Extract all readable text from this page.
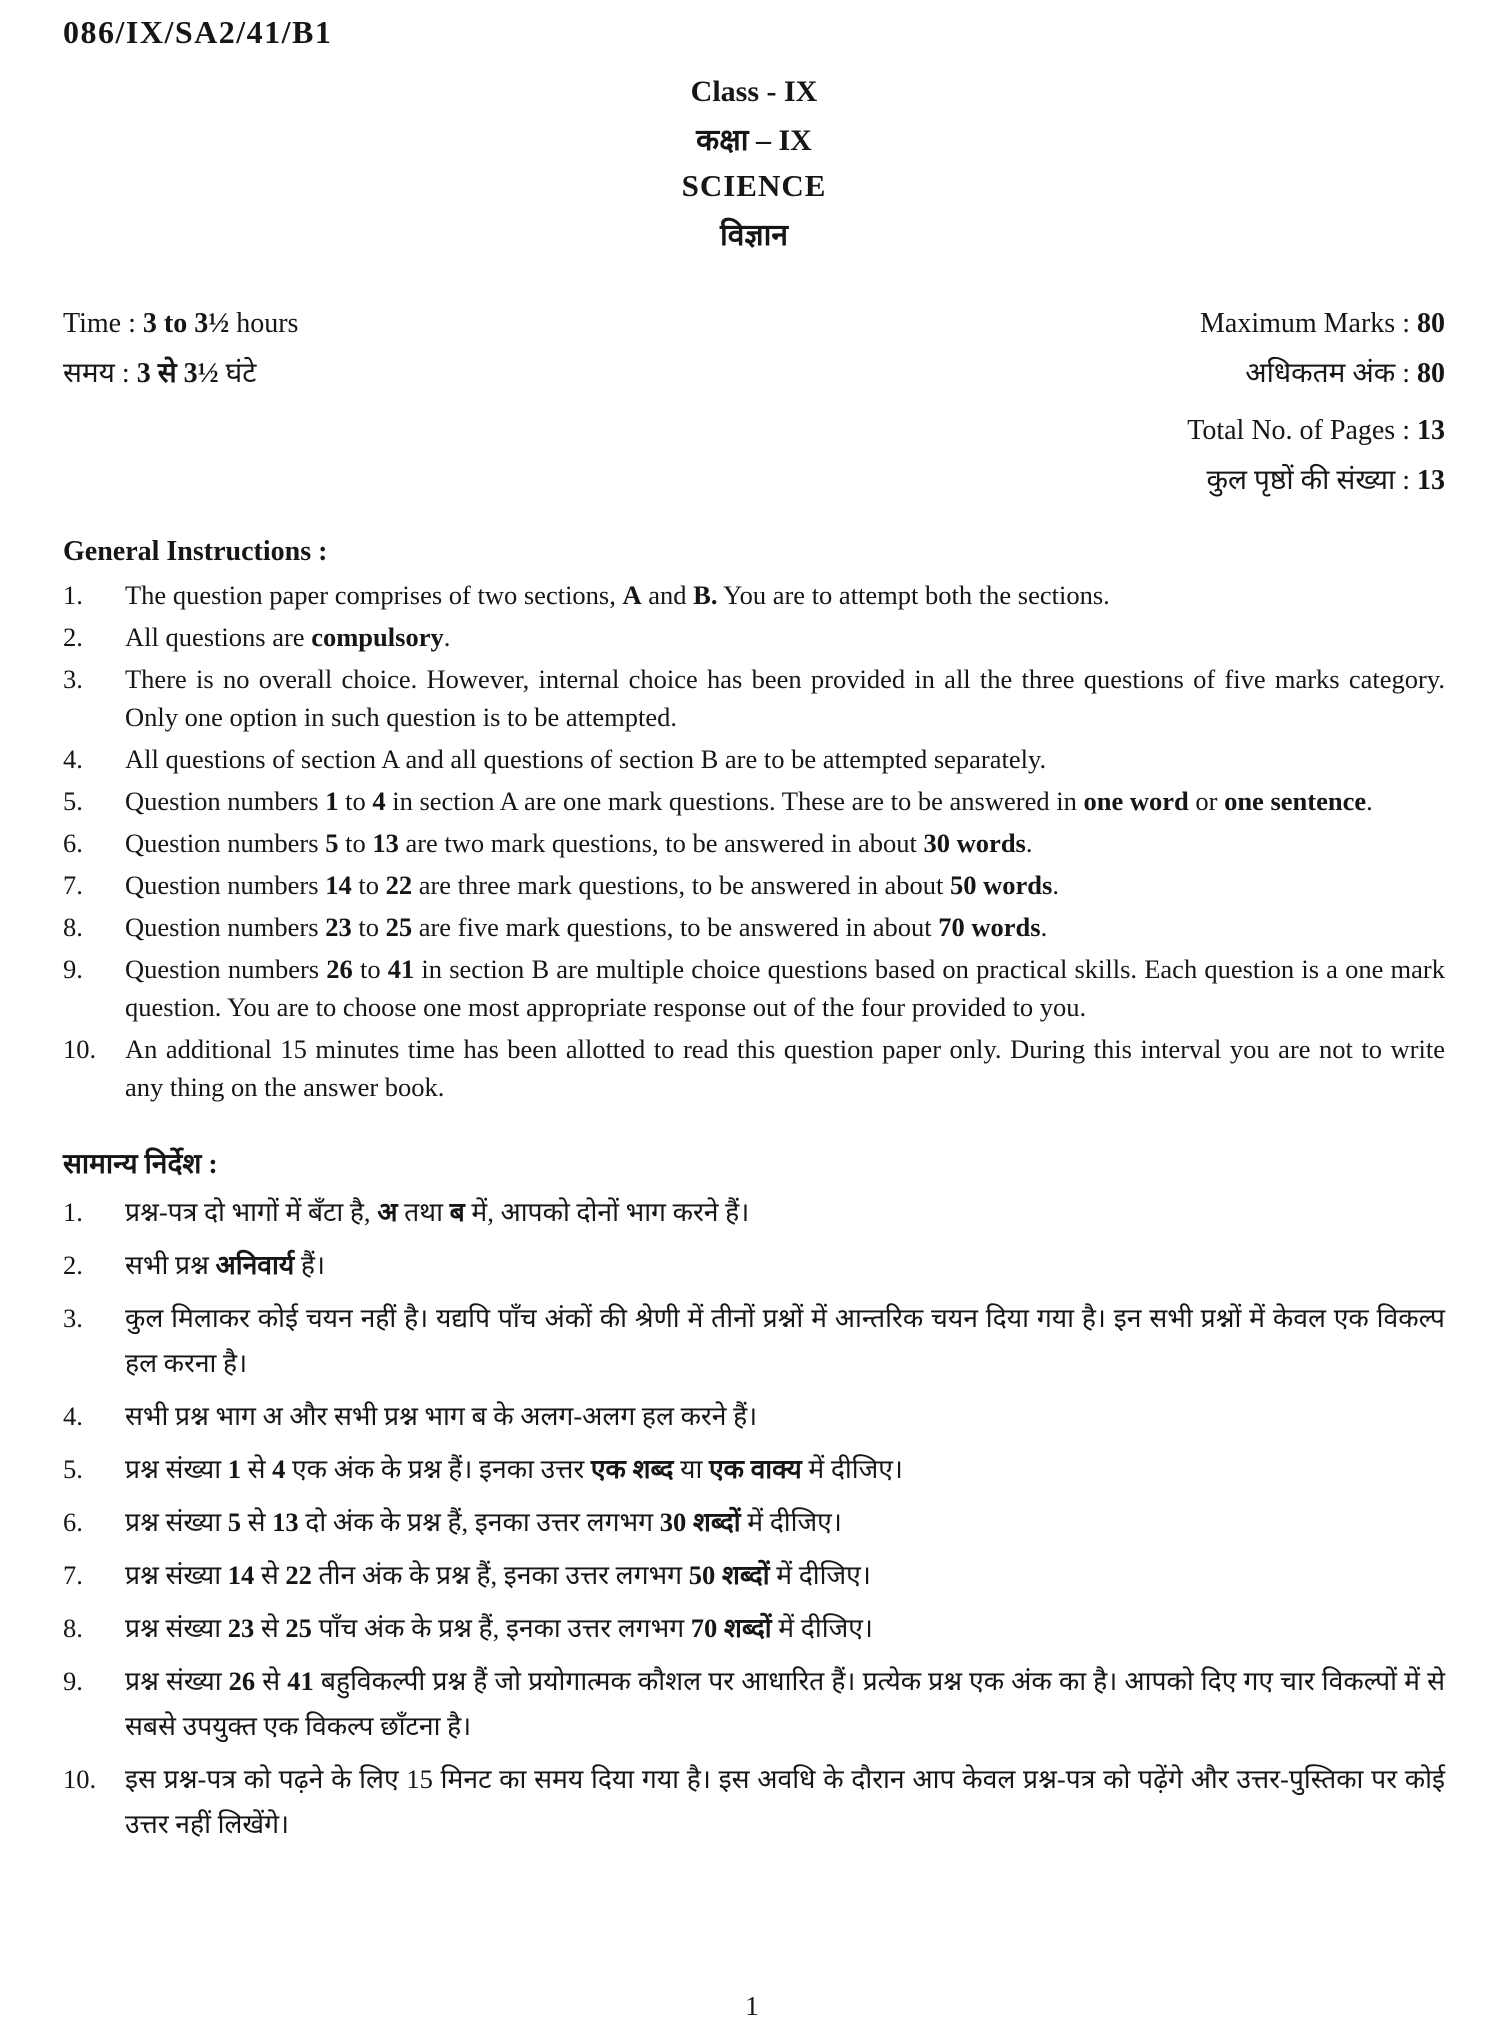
086/IX/SA2/41/B1
Class - IX
कक्षा – IX
SCIENCE
विज्ञान
Time : 3 to 3½ hours	Maximum Marks : 80
समय : 3 से 3½ घंटे	अधिकतम अंक : 80
Total No. of Pages : 13
कुल पृष्ठों की संख्या : 13
General Instructions :
1.	The question paper comprises of two sections, A and B. You are to attempt both the sections.
2.	All questions are compulsory.
3.	There is no overall choice. However, internal choice has been provided in all the three questions of five marks category. Only one option in such question is to be attempted.
4.	All questions of section A and all questions of section B are to be attempted separately.
5.	Question numbers 1 to 4 in section A are one mark questions. These are to be answered in one word or one sentence.
6.	Question numbers 5 to 13 are two mark questions, to be answered in about 30 words.
7.	Question numbers 14 to 22 are three mark questions, to be answered in about 50 words.
8.	Question numbers 23 to 25 are five mark questions, to be answered in about 70 words.
9.	Question numbers 26 to 41 in section B are multiple choice questions based on practical skills. Each question is a one mark question. You are to choose one most appropriate response out of the four provided to you.
10.	An additional 15 minutes time has been allotted to read this question paper only. During this interval you are not to write any thing on the answer book.
सामान्य निर्देश :
1.	प्रश्न-पत्र दो भागों में बँटा है, अ तथा ब में, आपको दोनों भाग करने हैं।
2.	सभी प्रश्न अनिवार्य हैं।
3.	कुल मिलाकर कोई चयन नहीं है। यद्यपि पाँच अंकों की श्रेणी में तीनों प्रश्नों में आन्तरिक चयन दिया गया है। इन सभी प्रश्नों में केवल एक विकल्प हल करना है।
4.	सभी प्रश्न भाग अ और सभी प्रश्न भाग ब के अलग-अलग हल करने हैं।
5.	प्रश्न संख्या 1 से 4 एक अंक के प्रश्न हैं। इनका उत्तर एक शब्द या एक वाक्य में दीजिए।
6.	प्रश्न संख्या 5 से 13 दो अंक के प्रश्न हैं, इनका उत्तर लगभग 30 शब्दों में दीजिए।
7.	प्रश्न संख्या 14 से 22 तीन अंक के प्रश्न हैं, इनका उत्तर लगभग 50 शब्दों में दीजिए।
8.	प्रश्न संख्या 23 से 25 पाँच अंक के प्रश्न हैं, इनका उत्तर लगभग 70 शब्दों में दीजिए।
9.	प्रश्न संख्या 26 से 41 बहुविकल्पी प्रश्न हैं जो प्रयोगात्मक कौशल पर आधारित हैं। प्रत्येक प्रश्न एक अंक का है। आपको दिए गए चार विकल्पों में से सबसे उपयुक्त एक विकल्प छाँटना है।
10.	इस प्रश्न-पत्र को पढ़ने के लिए 15 मिनट का समय दिया गया है। इस अवधि के दौरान आप केवल प्रश्न-पत्र को पढ़ेंगे और उत्तर-पुस्तिका पर कोई उत्तर नहीं लिखेंगे।
1
